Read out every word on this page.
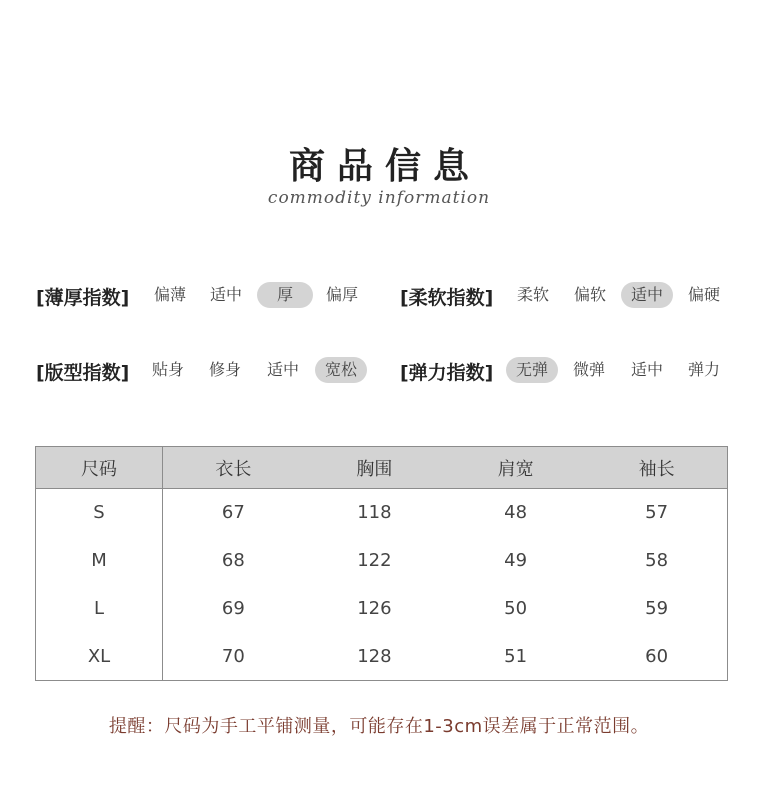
商品信息
commodity information
[薄厚指数]	偏薄	适中	厚	偏厚	[柔软指数]	柔软	偏软	适中	偏硬
[版型指数]	贴身	修身	适中	宽松	[弹力指数]	无弹	微弹	适中	弹力
尺码	衣长	胸围	肩宽	袖长
S	67	118	48	57
M	68	122	49	58
L	69	126	50	59
XL	70	128	51	60
提醒：尺码为手工平铺测量，可能存在1-3cm误差属于正常范围。
